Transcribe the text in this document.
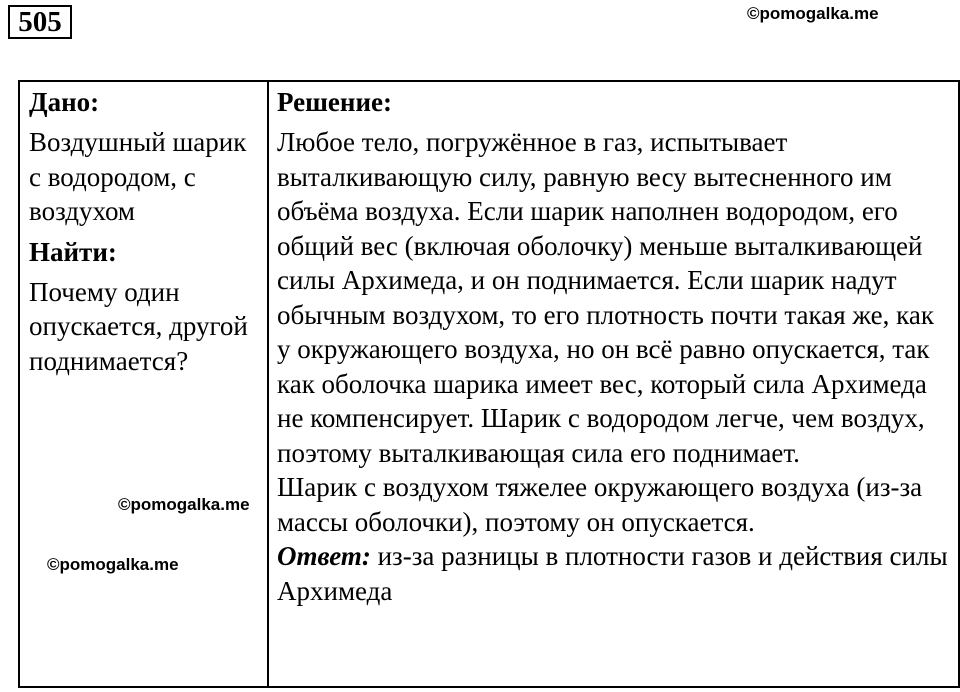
505	©pomogalka.me

Дано:

Воздушный шарик с водородом, с воздухом

Найти:

Почему один опускается, другой поднимается?

Решение:

Любое тело, погружённое в газ, испытывает выталкивающую силу, равную весу вытесненного им объёма воздуха. Если шарик наполнен водородом, его общий вес (включая оболочку) меньше выталкивающей силы Архимеда, и он поднимается. Если шарик надут обычным воздухом, то его плотность почти такая же, как у окружающего воздуха, но он всё равно опускается, так как оболочка шарика имеет вес, который сила Архимеда не компенсирует. Шарик с водородом легче, чем воздух, поэтому выталкивающая сила его поднимает.

Шарик с воздухом тяжелее окружающего воздуха (из-за массы оболочки), поэтому он опускается.

Ответ: из-за разницы в плотности газов и действия силы Архимеда

©pomogalka.me
©pomogalka.me
